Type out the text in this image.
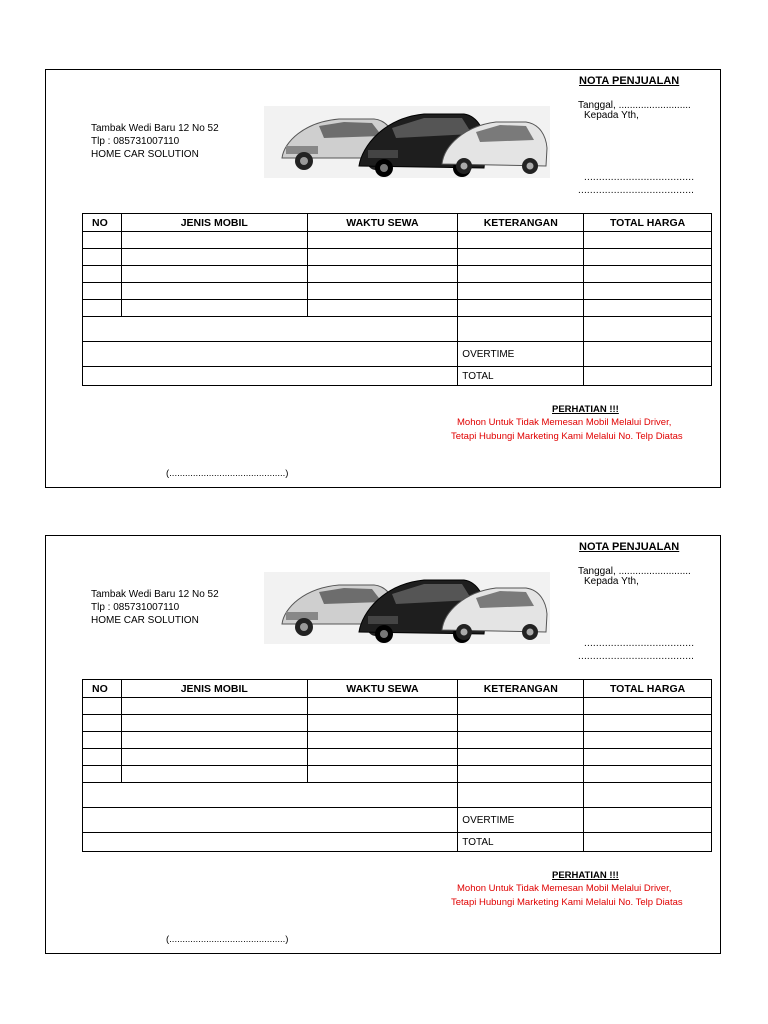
NOTA PENJUALAN
Tanggal, ..........................
Kepada Yth,
.....................................
.......................................
Tambak Wedi Baru 12 No 52
Tlp : 085731007110
HOME CAR SOLUTION
NO	JENIS MOBIL	WAKTU SEWA	KETERANGAN	TOTAL HARGA

			OVERTIME	
			TOTAL	
PERHATIAN !!!
Mohon Untuk Tidak Memesan Mobil Melalui Driver,
Tetapi Hubungi Marketing Kami Melalui No. Telp Diatas
(............................................)
NOTA PENJUALAN
Tanggal, ..........................
Kepada Yth,
.....................................
.......................................
Tambak Wedi Baru 12 No 52
Tlp : 085731007110
HOME CAR SOLUTION
NO	JENIS MOBIL	WAKTU SEWA	KETERANGAN	TOTAL HARGA

			OVERTIME	
			TOTAL	
PERHATIAN !!!
Mohon Untuk Tidak Memesan Mobil Melalui Driver,
Tetapi Hubungi Marketing Kami Melalui No. Telp Diatas
(............................................)
